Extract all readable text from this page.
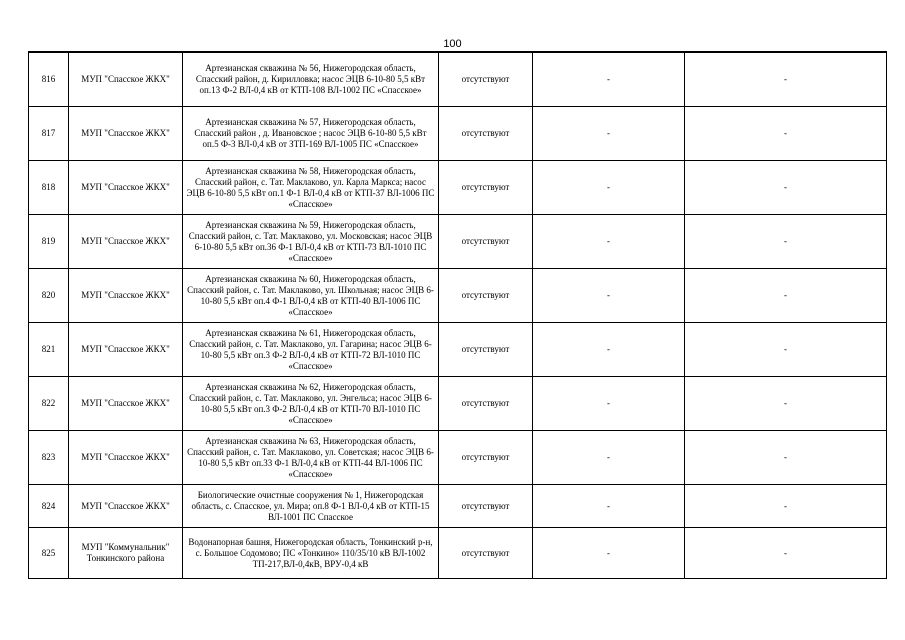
100
816	МУП "Спасское ЖКХ"	Артезианская скважина № 56, Нижегородская область, Спасский район, д. Кирилловка; насос ЭЦВ 6-10-80 5,5 кВт оп.13 Ф-2 ВЛ-0,4 кВ от КТП-108 ВЛ-1002 ПС «Спасское»	отсутствуют	-	-
817	МУП "Спасское ЖКХ"	Артезианская скважина № 57, Нижегородская область, Спасский район , д. Ивановское ; насос ЭЦВ 6-10-80 5,5 кВт оп.5 Ф-3 ВЛ-0,4 кВ от ЗТП-169 ВЛ-1005 ПС «Спасское»	отсутствуют	-	-
818	МУП "Спасское ЖКХ"	Артезианская скважина № 58, Нижегородская область, Спасский район, с. Тат. Маклаково, ул. Карла Маркса; насос ЭЦВ 6-10-80 5,5 кВт оп.1 Ф-1 ВЛ-0,4 кВ от КТП-37 ВЛ-1006 ПС «Спасское»	отсутствуют	-	-
819	МУП "Спасское ЖКХ"	Артезианская скважина № 59, Нижегородская область, Спасский район, с. Тат. Маклаково, ул. Московская; насос ЭЦВ 6-10-80 5,5 кВт оп.36 Ф-1 ВЛ-0,4 кВ от КТП-73 ВЛ-1010 ПС «Спасское»	отсутствуют	-	-
820	МУП "Спасское ЖКХ"	Артезианская скважина № 60, Нижегородская область, Спасский район, с. Тат. Маклаково, ул. Школьная; насос ЭЦВ 6-10-80 5,5 кВт оп.4 Ф-1 ВЛ-0,4 кВ от КТП-40 ВЛ-1006 ПС «Спасское»	отсутствуют	-	-
821	МУП "Спасское ЖКХ"	Артезианская скважина № 61, Нижегородская область, Спасский район, с. Тат. Маклаково, ул. Гагарина; насос ЭЦВ 6-10-80 5,5 кВт оп.3 Ф-2 ВЛ-0,4 кВ от КТП-72 ВЛ-1010 ПС «Спасское»	отсутствуют	-	-
822	МУП "Спасское ЖКХ"	Артезианская скважина № 62, Нижегородская область, Спасский район, с. Тат. Маклаково, ул. Энгельса; насос ЭЦВ 6-10-80 5,5 кВт оп.3 Ф-2 ВЛ-0,4 кВ от КТП-70 ВЛ-1010 ПС «Спасское»	отсутствуют	-	-
823	МУП "Спасское ЖКХ"	Артезианская скважина № 63, Нижегородская область, Спасский район, с. Тат. Маклаково, ул. Советская; насос ЭЦВ 6-10-80 5,5 кВт оп.33 Ф-1 ВЛ-0,4 кВ от КТП-44 ВЛ-1006 ПС «Спасское»	отсутствуют	-	-
824	МУП "Спасское ЖКХ"	Биологические очистные сооружения № 1, Нижегородская область, с. Спасское, ул. Мира; оп.8 Ф-1 ВЛ-0,4 кВ от КТП-15 ВЛ-1001 ПС Спасское	отсутствуют	-	-
825	МУП "Коммунальник" Тонкинского района	Водонапорная башня, Нижегородская область, Тонкинский р-н, с. Большое Содомово; ПС «Тонкино» 110/35/10 кВ ВЛ-1002 ТП-217,ВЛ-0,4кВ, ВРУ-0,4 кВ	отсутствуют	-	-
